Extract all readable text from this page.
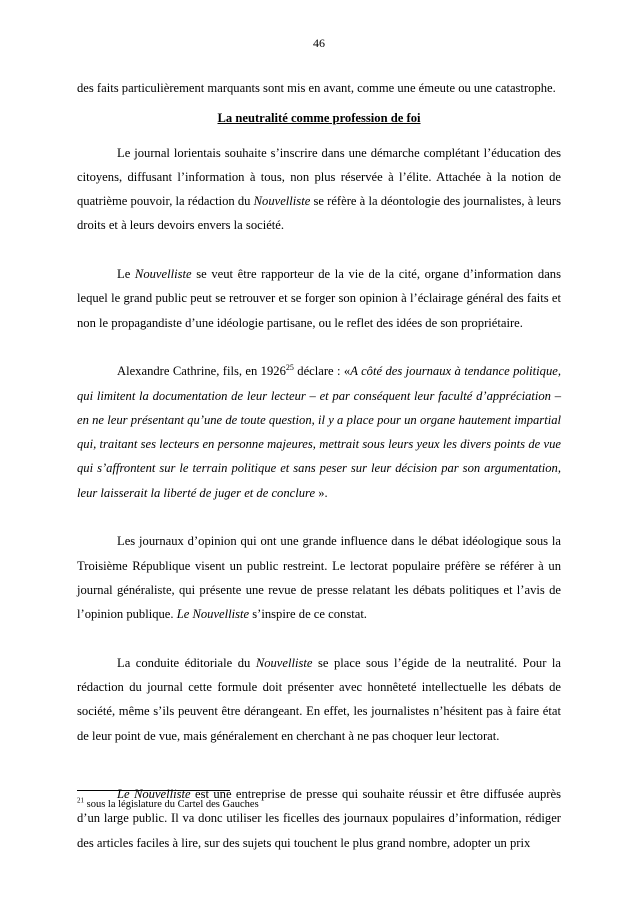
46

des faits particulièrement marquants sont mis en avant, comme une émeute ou une catastrophe.

La neutralité comme profession de foi

Le journal lorientais souhaite s’inscrire dans une démarche complétant l’éducation des citoyens, diffusant l’information à tous, non plus réservée à l’élite. Attachée à la notion de quatrième pouvoir, la rédaction du Nouvelliste se réfère à la déontologie des journalistes, à leurs droits et à leurs devoirs envers la société.

Le Nouvelliste se veut être rapporteur de la vie de la cité, organe d’information dans lequel le grand public peut se retrouver et se forger son opinion à l’éclairage général des faits et non le propagandiste d’une idéologie partisane, ou le reflet des idées de son propriétaire.

Alexandre Cathrine, fils, en 1926$^{25}$ déclare : «A côté des journaux à tendance politique, qui limitent la documentation de leur lecteur – et par conséquent leur faculté d’appréciation – en ne leur présentant qu’une de toute question, il y a place pour un organe hautement impartial qui, traitant ses lecteurs en personne majeures, mettrait sous leurs yeux les divers points de vue qui s’affrontent sur le terrain politique et sans peser sur leur décision par son argumentation, leur laisserait la liberté de juger et de conclure ».

Les journaux d’opinion qui ont une grande influence dans le débat idéologique sous la Troisième République visent un public restreint. Le lectorat populaire préfère se référer à un journal généraliste, qui présente une revue de presse relatant les débats politiques et l’avis de l’opinion publique. Le Nouvelliste s’inspire de ce constat.

La conduite éditoriale du Nouvelliste se place sous l’égide de la neutralité. Pour la rédaction du journal cette formule doit présenter avec honnêteté intellectuelle les débats de société, même s’ils peuvent être dérangeant. En effet, les journalistes n’hésitent pas à faire état de leur point de vue, mais généralement en cherchant à ne pas choquer leur lectorat.

Le Nouvelliste est une entreprise de presse qui souhaite réussir et être diffusée auprès d’un large public. Il va donc utiliser les ficelles des journaux populaires d’information, rédiger des articles faciles à lire, sur des sujets qui touchent le plus grand nombre, adopter un prix

$^{21}$ sous la législature du Cartel des Gauches
